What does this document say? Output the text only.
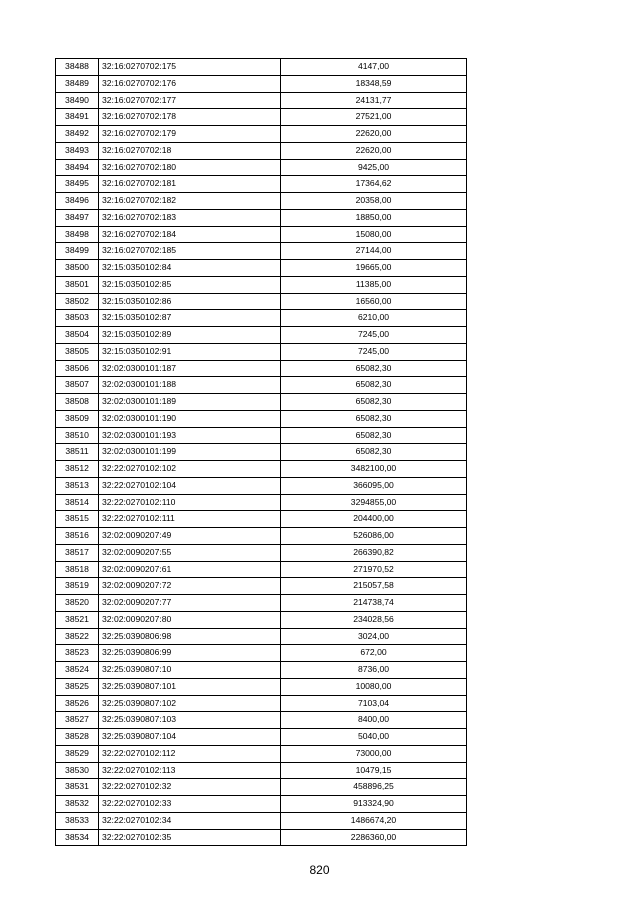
38488	32:16:0270702:175	4147,00
38489	32:16:0270702:176	18348,59
38490	32:16:0270702:177	24131,77
38491	32:16:0270702:178	27521,00
38492	32:16:0270702:179	22620,00
38493	32:16:0270702:18	22620,00
38494	32:16:0270702:180	9425,00
38495	32:16:0270702:181	17364,62
38496	32:16:0270702:182	20358,00
38497	32:16:0270702:183	18850,00
38498	32:16:0270702:184	15080,00
38499	32:16:0270702:185	27144,00
38500	32:15:0350102:84	19665,00
38501	32:15:0350102:85	11385,00
38502	32:15:0350102:86	16560,00
38503	32:15:0350102:87	6210,00
38504	32:15:0350102:89	7245,00
38505	32:15:0350102:91	7245,00
38506	32:02:0300101:187	65082,30
38507	32:02:0300101:188	65082,30
38508	32:02:0300101:189	65082,30
38509	32:02:0300101:190	65082,30
38510	32:02:0300101:193	65082,30
38511	32:02:0300101:199	65082,30
38512	32:22:0270102:102	3482100,00
38513	32:22:0270102:104	366095,00
38514	32:22:0270102:110	3294855,00
38515	32:22:0270102:111	204400,00
38516	32:02:0090207:49	526086,00
38517	32:02:0090207:55	266390,82
38518	32:02:0090207:61	271970,52
38519	32:02:0090207:72	215057,58
38520	32:02:0090207:77	214738,74
38521	32:02:0090207:80	234028,56
38522	32:25:0390806:98	3024,00
38523	32:25:0390806:99	672,00
38524	32:25:0390807:10	8736,00
38525	32:25:0390807:101	10080,00
38526	32:25:0390807:102	7103,04
38527	32:25:0390807:103	8400,00
38528	32:25:0390807:104	5040,00
38529	32:22:0270102:112	73000,00
38530	32:22:0270102:113	10479,15
38531	32:22:0270102:32	458896,25
38532	32:22:0270102:33	913324,90
38533	32:22:0270102:34	1486674,20
38534	32:22:0270102:35	2286360,00
820
